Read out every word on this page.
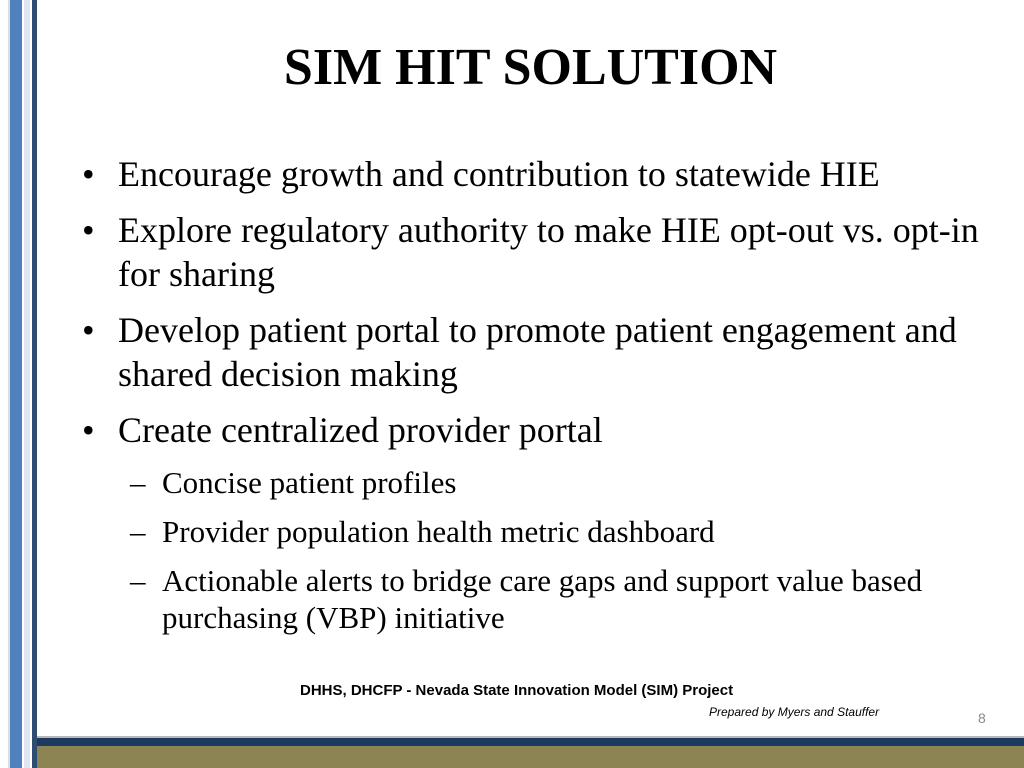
SIM HIT SOLUTION
• Encourage growth and contribution to statewide HIE
• Explore regulatory authority to make HIE opt-out vs. opt-in for sharing
• Develop patient portal to promote patient engagement and shared decision making
• Create centralized provider portal
– Concise patient profiles
– Provider population health metric dashboard
– Actionable alerts to bridge care gaps and support value based purchasing (VBP) initiative
DHHS, DHCFP - Nevada State Innovation Model (SIM) Project
Prepared by Myers and Stauffer	8
